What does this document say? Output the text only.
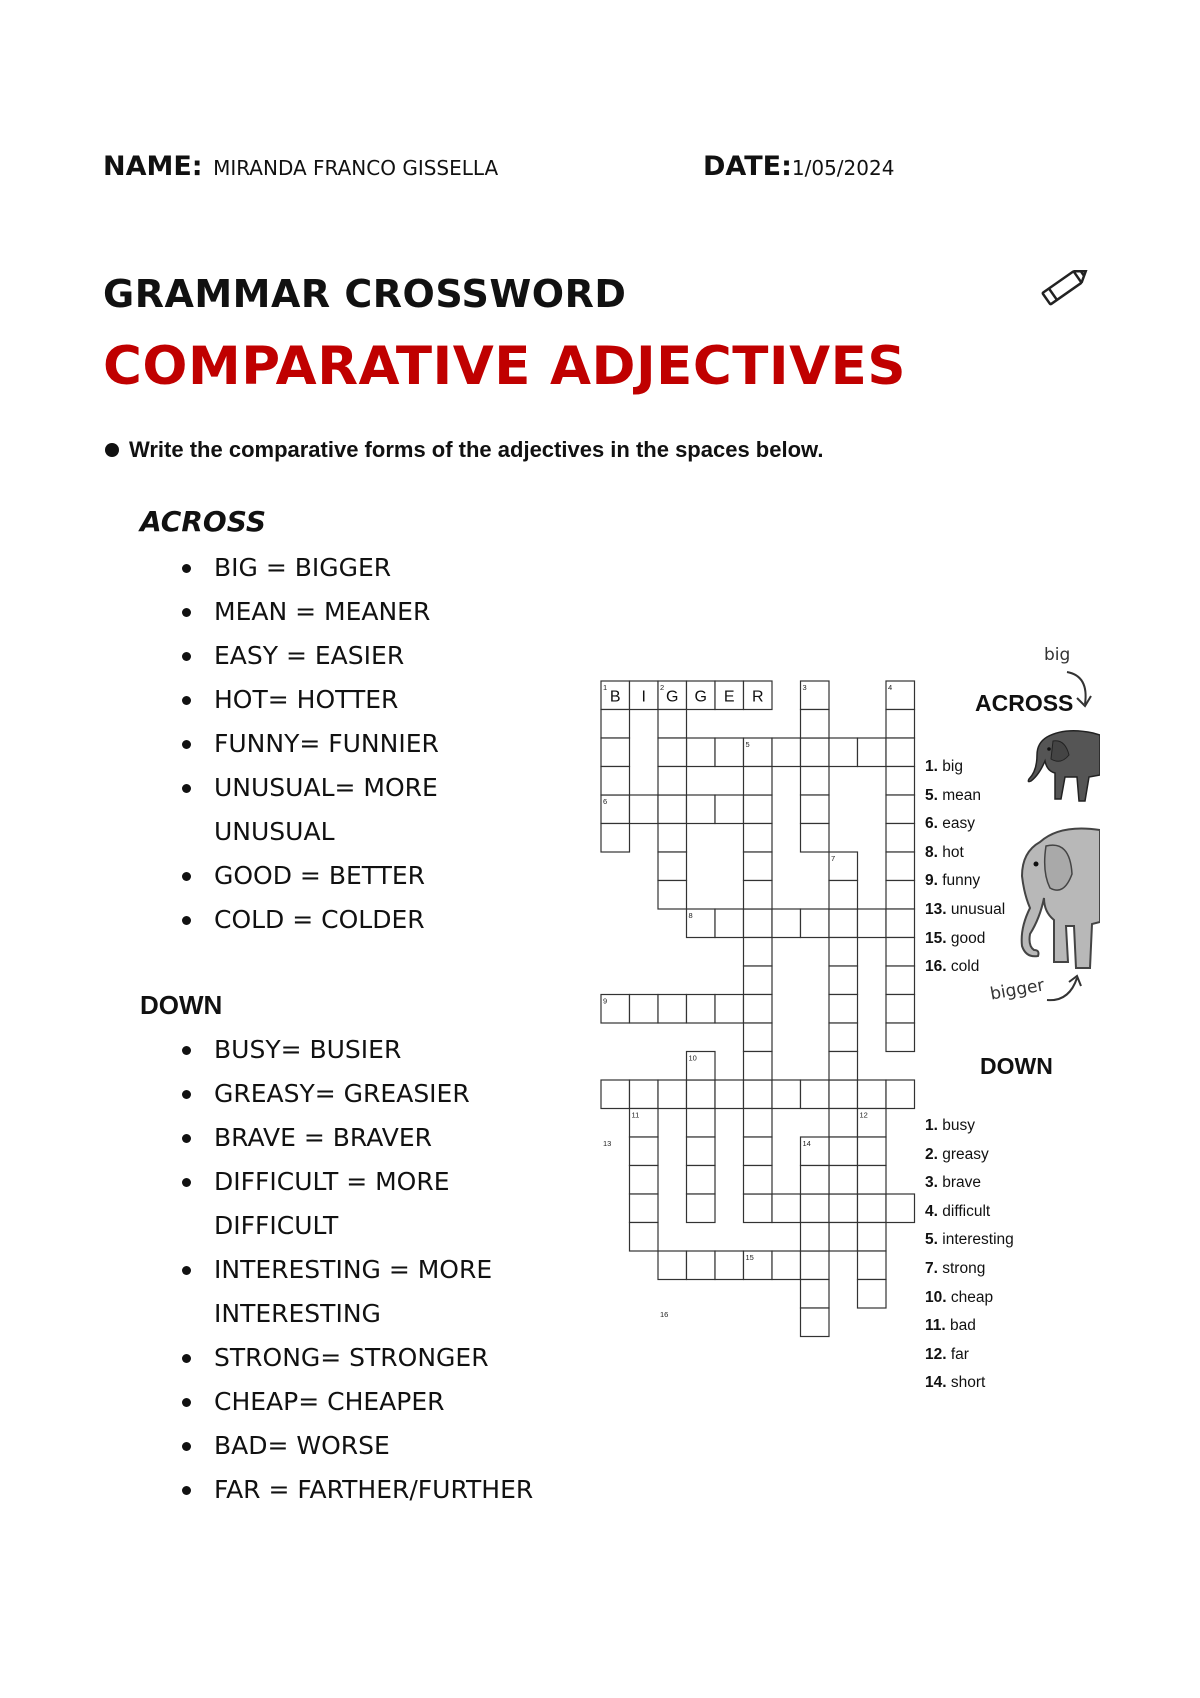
NAME: MIRANDA FRANCO GISSELLA	DATE:1/05/2024
GRAMMAR CROSSWORD
COMPARATIVE ADJECTIVES
Write the comparative forms of the adjectives in the spaces below.
ACROSS
BIG = BIGGER
MEAN = MEANER
EASY = EASIER
HOT= HOTTER
FUNNY= FUNNIER
UNUSUAL= MORE
UNUSUAL
GOOD = BETTER
COLD = COLDER
DOWN
BUSY= BUSIER
GREASY= GREASIER
BRAVE = BRAVER
DIFFICULT = MORE
DIFFICULT
INTERESTING = MORE
INTERESTING
STRONG= STRONGER
CHEAP= CHEAPER
BAD= WORSE
FAR = FARTHER/FURTHER
1	2	3	4
5
6
7
8
9
10
11	12
13	14
15
16
B I G G E R
big
ACROSS
1. big
5. mean
6. easy
8. hot
9. funny
13. unusual
15. good
16. cold
bigger
DOWN
1. busy
2. greasy
3. brave
4. difficult
5. interesting
7. strong
10. cheap
11. bad
12. far
14. short
